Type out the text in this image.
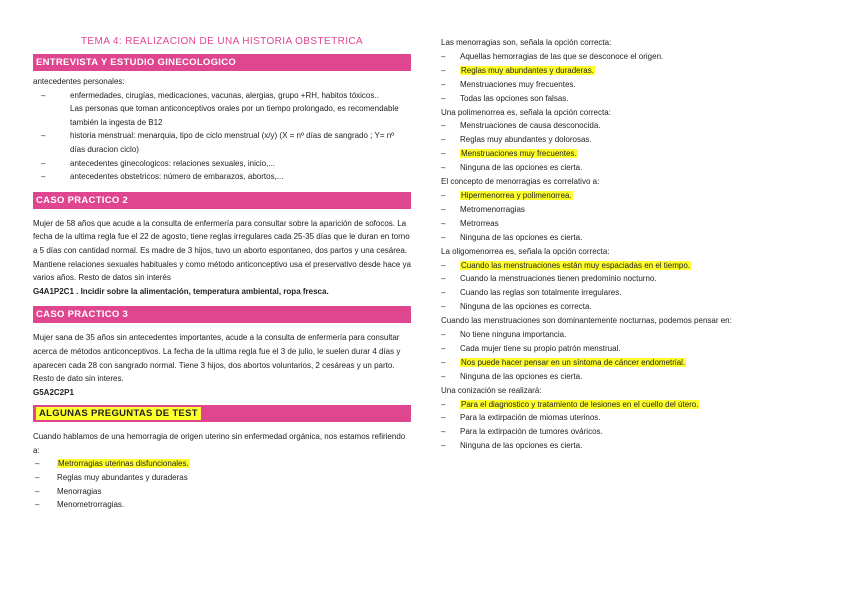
TEMA 4: REALIZACION DE UNA HISTORIA OBSTETRICA
ENTREVISTA Y ESTUDIO GINECOLOGICO

antecedentes personales:

–	enfermedades, cirugías, medicaciones, vacunas, alergias, grupo +RH, habitos tóxicos..
Las personas que toman anticonceptivos orales por un tiempo prolongado, es recomendable también la ingesta de B12
–	historia menstrual: menarquia, tipo de ciclo menstrual (x/y) (X = nº días de sangrado ; Y= nº días duracion ciclo)
–	antecedentes ginecologicos: relaciones sexuales, inicio,...
–	antecedentes obstetricos: número de embarazos, abortos,...
CASO PRACTICO 2

Mujer de 58 años que acude a la consulta de enfermería para consultar sobre la aparición de sofocos. La fecha de la ultima regla fue el 22 de agosto, tiene reglas irregulares cada 25-35 días que le duran en torno a 5 días con cantidad normal. Es madre de 3 hijos, tuvo un aborto espontaneo, dos partos y una cesárea. Mantiene relaciones sexuales habituales y como método anticonceptivo usa el preservativo desde hace ya varios años. Resto de datos sin interés

G4A1P2C1 . Incidir sobre la alimentación, temperatura ambiental, ropa fresca.

CASO PRACTICO 3

Mujer sana de 35 años sin antecedentes importantes, acude a la consulta de enfermería para consultar acerca de métodos anticonceptivos. La fecha de la ultima regla fue el 3 de julio, le suelen durar 4 días y aparecen cada 28 con sangrado normal. Tiene 3 hijos, dos abortos voluntarios, 2 cesáreas y un parto. Resto de dato sin interes.

G5A2C2P1

ALGUNAS PREGUNTAS DE TEST

Cuando hablamos de una hemorragia de origen uterino sin enfermedad orgánica, nos estamos refiriendo a:

– Metrorragias uterinas disfuncionales.
– Reglas muy abundantes y duraderas
– Menorragias
– Menometrorragias.

Las menorragias son, señala la opción correcta:

– Aquellas hemorragias de las que se desconoce el origen.
– Reglas muy abundantes y duraderas.
– Menstruaciones muy frecuentes.
– Todas las opciones son falsas.

Una polimenorrea es, señala la opción correcta:

– Menstruaciones de causa desconocida.
– Reglas muy abundantes y dolorosas.
– Menstruaciones muy frecuentes.
– Ninguna de las opciones es cierta.

El concepto de menorragias es correlativo a:

– Hipermenorrea y polimenorrea.
– Metromenorragias
– Metrorreas
– Ninguna de las opciones es cierta.

La oligomenorrea es, señala la opción correcta:

– Cuando las menstruaciones están muy espaciadas en el tiempo.
– Cuando la menstruaciones tienen predominio nocturno.
– Cuando las reglas son totalmente irregulares.
– Ninguna de las opciones es correcta.

Cuando las menstruaciones son dominantemente nocturnas, podemos pensar en:

– No tiene ninguna importancia.
– Cada mujer tiene su propio patrón menstrual.
– Nos puede hacer pensar en un síntoma de cáncer endometrial.
– Ninguna de las opciones es cierta.

Una conización se realizará:

– Para el diagnostico y tratamiento de lesiones en el cuello del útero.
– Para la extirpación de miomas uterinos.
– Para la extirpación de tumores ováricos.
– Ninguna de las opciones es cierta.
